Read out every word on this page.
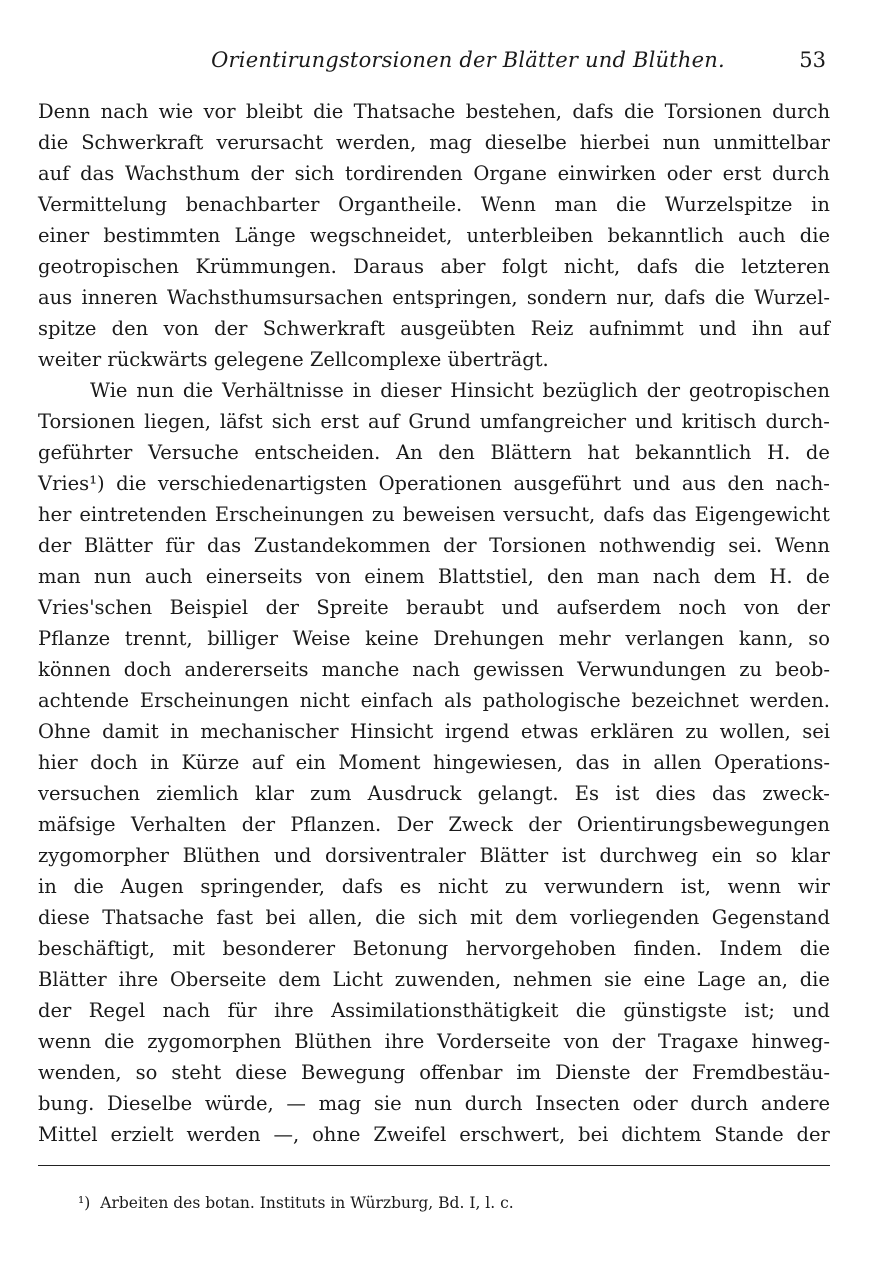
Orientirungstorsionen der Blätter und Blüthen.	53
Denn nach wie vor bleibt die Thatsache bestehen, dafs die Torsionen durch
die Schwerkraft verursacht werden, mag dieselbe hierbei nun unmittelbar
auf das Wachsthum der sich tordirenden Organe einwirken oder erst durch
Vermittelung benachbarter Organtheile. Wenn man die Wurzelspitze in
einer bestimmten Länge wegschneidet, unterbleiben bekanntlich auch die
geotropischen Krümmungen. Daraus aber folgt nicht, dafs die letzteren
aus inneren Wachsthumsursachen entspringen, sondern nur, dafs die Wurzel-
spitze den von der Schwerkraft ausgeübten Reiz aufnimmt und ihn auf
weiter rückwärts gelegene Zellcomplexe überträgt.
Wie nun die Verhältnisse in dieser Hinsicht bezüglich der geotropischen
Torsionen liegen, läfst sich erst auf Grund umfangreicher und kritisch durch-
geführter Versuche entscheiden. An den Blättern hat bekanntlich H. de
Vries¹) die verschiedenartigsten Operationen ausgeführt und aus den nach-
her eintretenden Erscheinungen zu beweisen versucht, dafs das Eigengewicht
der Blätter für das Zustandekommen der Torsionen nothwendig sei. Wenn
man nun auch einerseits von einem Blattstiel, den man nach dem H. de
Vries'schen Beispiel der Spreite beraubt und aufserdem noch von der
Pflanze trennt, billiger Weise keine Drehungen mehr verlangen kann, so
können doch andererseits manche nach gewissen Verwundungen zu beob-
achtende Erscheinungen nicht einfach als pathologische bezeichnet werden.
Ohne damit in mechanischer Hinsicht irgend etwas erklären zu wollen, sei
hier doch in Kürze auf ein Moment hingewiesen, das in allen Operations-
versuchen ziemlich klar zum Ausdruck gelangt. Es ist dies das zweck-
mäfsige Verhalten der Pflanzen. Der Zweck der Orientirungsbewegungen
zygomorpher Blüthen und dorsiventraler Blätter ist durchweg ein so klar
in die Augen springender, dafs es nicht zu verwundern ist, wenn wir
diese Thatsache fast bei allen, die sich mit dem vorliegenden Gegenstand
beschäftigt, mit besonderer Betonung hervorgehoben finden. Indem die
Blätter ihre Oberseite dem Licht zuwenden, nehmen sie eine Lage an, die
der Regel nach für ihre Assimilationsthätigkeit die günstigste ist; und
wenn die zygomorphen Blüthen ihre Vorderseite von der Tragaxe hinweg-
wenden, so steht diese Bewegung offenbar im Dienste der Fremdbestäu-
bung. Dieselbe würde, — mag sie nun durch Insecten oder durch andere
Mittel erzielt werden —, ohne Zweifel erschwert, bei dichtem Stande der
¹) Arbeiten des botan. Instituts in Würzburg, Bd. I, l. c.
